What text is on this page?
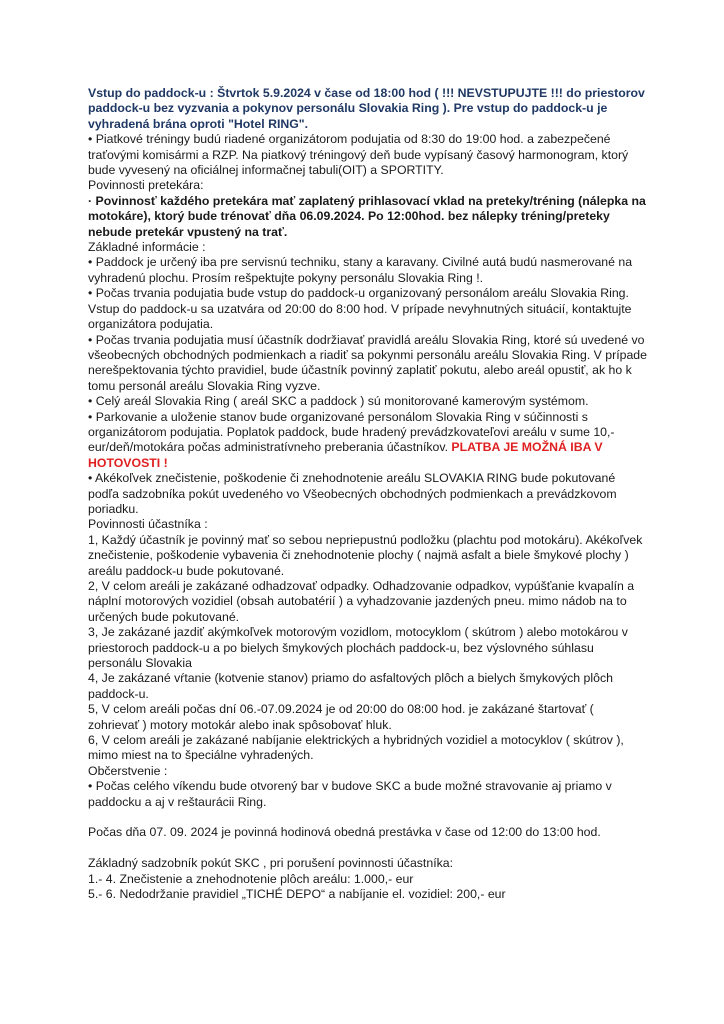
Vstup do paddock-u : Štvrtok 5.9.2024 v čase od 18:00 hod ( !!! NEVSTUPUJTE !!! do priestorov paddock-u bez vyzvania a pokynov personálu Slovakia Ring ). Pre vstup do paddock-u je vyhradená brána oproti "Hotel RING".

• Piatkové tréningy budú riadené organizátorom podujatia od 8:30 do 19:00 hod. a zabezpečené traťovými komisármi a RZP. Na piatkový tréningový deň bude vypísaný časový harmonogram, ktorý bude vyvesený na oficiálnej informačnej tabuli(OIT) a SPORTITY.

Povinnosti pretekára:

· Povinnosť každého pretekára mať zaplatený prihlasovací vklad na preteky/tréning (nálepka na motokáre), ktorý bude trénovať dňa 06.09.2024. Po 12:00hod. bez nálepky tréning/preteky nebude pretekár vpustený na trať.

Základné informácie :

• Paddock je určený iba pre servisnú techniku, stany a karavany. Civilné autá budú nasmerované na vyhradenú plochu. Prosím rešpektujte pokyny personálu Slovakia Ring !.

• Počas trvania podujatia bude vstup do paddock-u organizovaný personálom areálu Slovakia Ring. Vstup do paddock-u sa uzatvára od 20:00 do 8:00 hod. V prípade nevyhnutných situácií, kontaktujte organizátora podujatia.

• Počas trvania podujatia musí účastník dodržiavať pravidlá areálu Slovakia Ring, ktoré sú uvedené vo všeobecných obchodných podmienkach a riadiť sa pokynmi personálu areálu Slovakia Ring. V prípade nerešpektovania týchto pravidiel, bude účastník povinný zaplatiť pokutu, alebo areál opustiť, ak ho k tomu personál areálu Slovakia Ring vyzve.

• Celý areál Slovakia Ring ( areál SKC a paddock ) sú monitorované kamerovým systémom.

• Parkovanie a uloženie stanov bude organizované personálom Slovakia Ring v súčinnosti s organizátorom podujatia. Poplatok paddock, bude hradený prevádzkovateľovi areálu v sume 10,- eur/deň/motokára počas administratívneho preberania účastníkov. PLATBA JE MOŽNÁ IBA V HOTOVOSTI !

• Akékoľvek znečistenie, poškodenie či znehodnotenie areálu SLOVAKIA RING bude pokutované podľa sadzobníka pokút uvedeného vo Všeobecných obchodných podmienkach a prevádzkovom poriadku.

Povinnosti účastníka :

1, Každý účastník je povinný mať so sebou nepriepustnú podložku (plachtu pod motokáru). Akékoľvek znečistenie, poškodenie vybavenia či znehodnotenie plochy ( najmä asfalt a biele šmykové plochy ) areálu paddock-u bude pokutované.

2, V celom areáli je zakázané odhadzovať odpadky. Odhadzovanie odpadkov, vypúšťanie kvapalín a náplní motorových vozidiel (obsah autobatérií ) a vyhadzovanie jazdených pneu. mimo nádob na to určených bude pokutované.

3, Je zakázané jazdiť akýmkoľvek motorovým vozidlom, motocyklom ( skútrom ) alebo motokárou v priestoroch paddock-u a po bielych šmykových plochách paddock-u, bez výslovného súhlasu personálu Slovakia

4, Je zakázané vŕtanie (kotvenie stanov) priamo do asfaltových plôch a bielych šmykových plôch paddock-u.

5, V celom areáli počas dní 06.-07.09.2024 je od 20:00 do 08:00 hod. je zakázané štartovať ( zohrievať ) motory motokár alebo inak spôsobovať hluk.

6, V celom areáli je zakázané nabíjanie elektrických a hybridných vozidiel a motocyklov ( skútrov ), mimo miest na to špeciálne vyhradených.

Občerstvenie :

• Počas celého víkendu bude otvorený bar v budove SKC a bude možné stravovanie aj priamo v paddocku a aj v reštaurácii Ring.

Počas dňa 07. 09. 2024 je povinná hodinová obedná prestávka v čase od 12:00 do 13:00 hod.

Základný sadzobník pokút SKC , pri porušení povinnosti účastníka:

1.- 4. Znečistenie a znehodnotenie plôch areálu: 1.000,- eur

5.- 6. Nedodržanie pravidiel „TICHÉ DEPO“ a nabíjanie el. vozidiel: 200,- eur
